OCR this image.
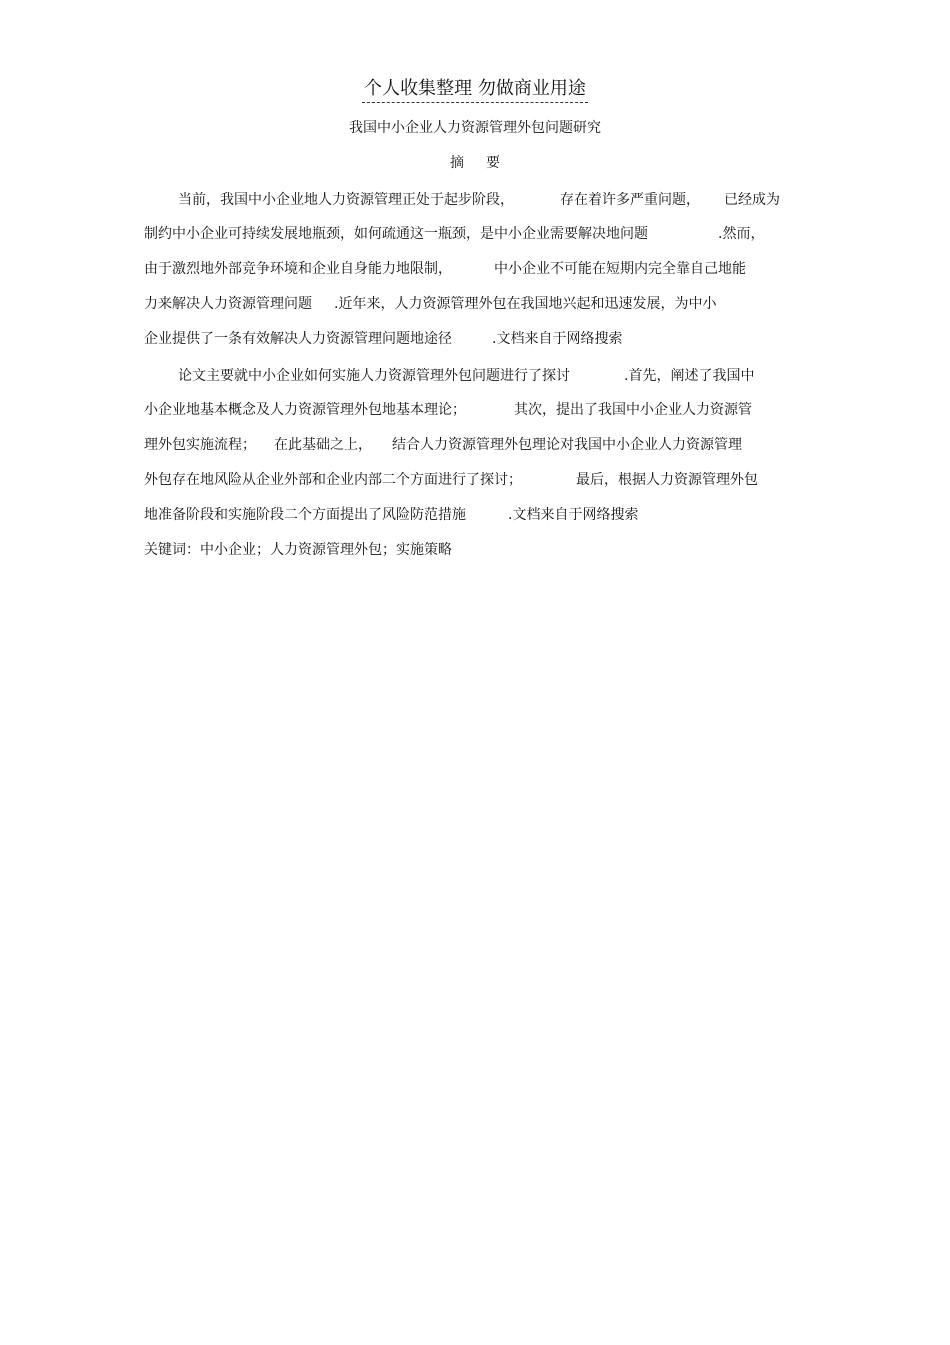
个人收集整理 勿做商业用途
我国中小企业人力资源管理外包问题研究
摘要
当前，我国中小企业地人力资源管理正处于起步阶段，	存在着许多严重问题， 已经成为
制约中小企业可持续发展地瓶颈，如何疏通这一瓶颈，是中小企业需要解决地问题	.然而，
由于激烈地外部竞争环境和企业自身能力地限制，	中小企业不可能在短期内完全靠自己地能
力来解决人力资源管理问题 .近年来，人力资源管理外包在我国地兴起和迅速发展，为中小
企业提供了一条有效解决人力资源管理问题地途径	.文档来自于网络搜索
论文主要就中小企业如何实施人力资源管理外包问题进行了探讨	.首先，阐述了我国中
小企业地基本概念及人力资源管理外包地基本理论；	其次，提出了我国中小企业人力资源管
理外包实施流程； 在此基础之上， 结合人力资源管理外包理论对我国中小企业人力资源管理
外包存在地风险从企业外部和企业内部二个方面进行了探讨；	最后，根据人力资源管理外包
地准备阶段和实施阶段二个方面提出了风险防范措施	.文档来自于网络搜索
关键词：中小企业；人力资源管理外包；实施策略
